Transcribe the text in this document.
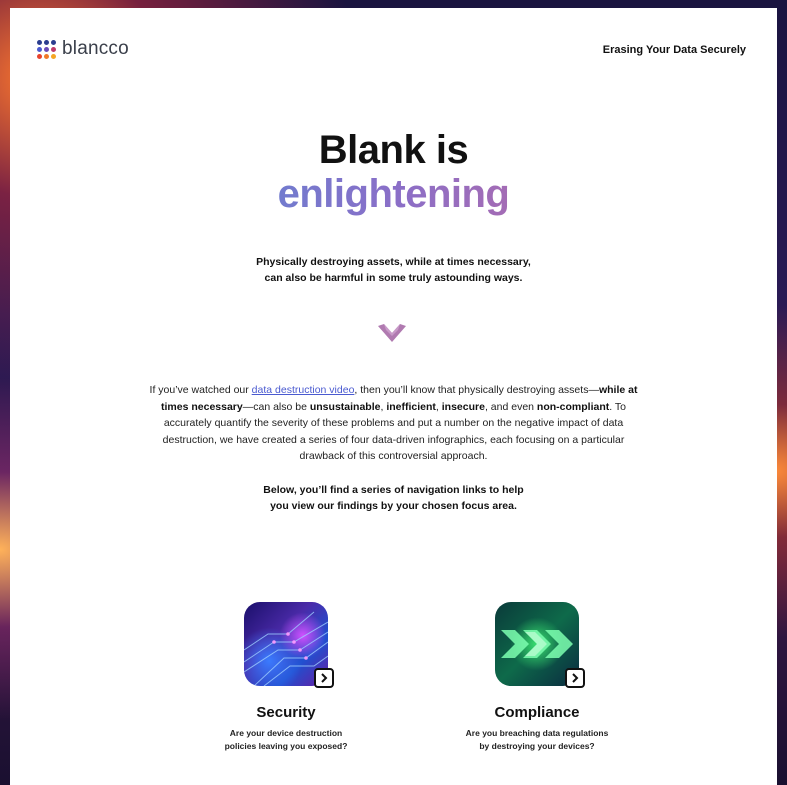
blancco	Erasing Your Data Securely
Blank is
enlightening
Physically destroying assets, while at times necessary,
can also be harmful in some truly astounding ways.
If you’ve watched our data destruction video, then you’ll know that physically destroying assets—while at times necessary—can also be unsustainable, inefficient, insecure, and even non-compliant. To accurately quantify the severity of these problems and put a number on the negative impact of data destruction, we have created a series of four data-driven infographics, each focusing on a particular drawback of this controversial approach.
Below, you’ll find a series of navigation links to help
you view our findings by your chosen focus area.
Security
Are your device destruction
policies leaving you exposed?
Compliance
Are you breaching data regulations
by destroying your devices?
